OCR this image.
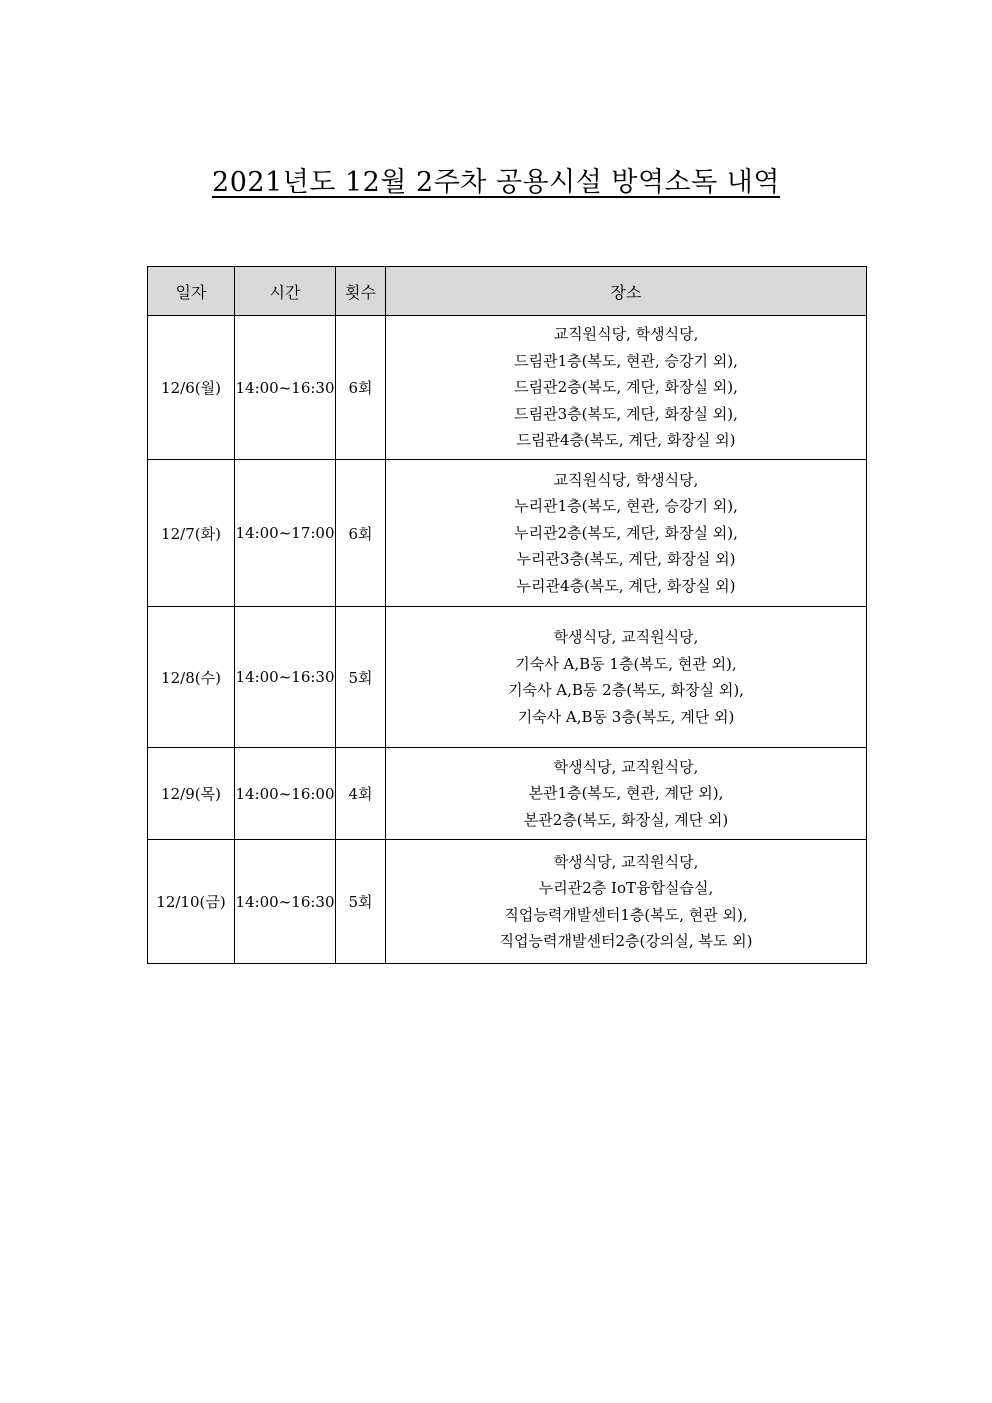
2021년도 12월 2주차 공용시설 방역소독 내역
일자	시간	횟수	장소
12/6(월)	14:00~16:30	6회	교직원식당, 학생식당,
드림관1층(복도, 현관, 승강기 외),
드림관2층(복도, 계단, 화장실 외),
드림관3층(복도, 계단, 화장실 외),
드림관4층(복도, 계단, 화장실 외)

12/7(화)	14:00~17:00	6회	교직원식당, 학생식당,
누리관1층(복도, 현관, 승강기 외),
누리관2층(복도, 계단, 화장실 외),
누리관3층(복도, 계단, 화장실 외)
누리관4층(복도, 계단, 화장실 외)

12/8(수)	14:00~16:30	5회	학생식당, 교직원식당,
기숙사 A,B동 1층(복도, 현관 외),
기숙사 A,B동 2층(복도, 화장실 외),
기숙사 A,B동 3층(복도, 계단 외)

12/9(목)	14:00~16:00	4회	학생식당, 교직원식당,
본관1층(복도, 현관, 계단 외),
본관2층(복도, 화장실, 계단 외)

12/10(금)	14:00~16:30	5회	학생식당, 교직원식당,
누리관2층 IoT융합실습실,
직업능력개발센터1층(복도, 현관 외),
직업능력개발센터2층(강의실, 복도 외)
